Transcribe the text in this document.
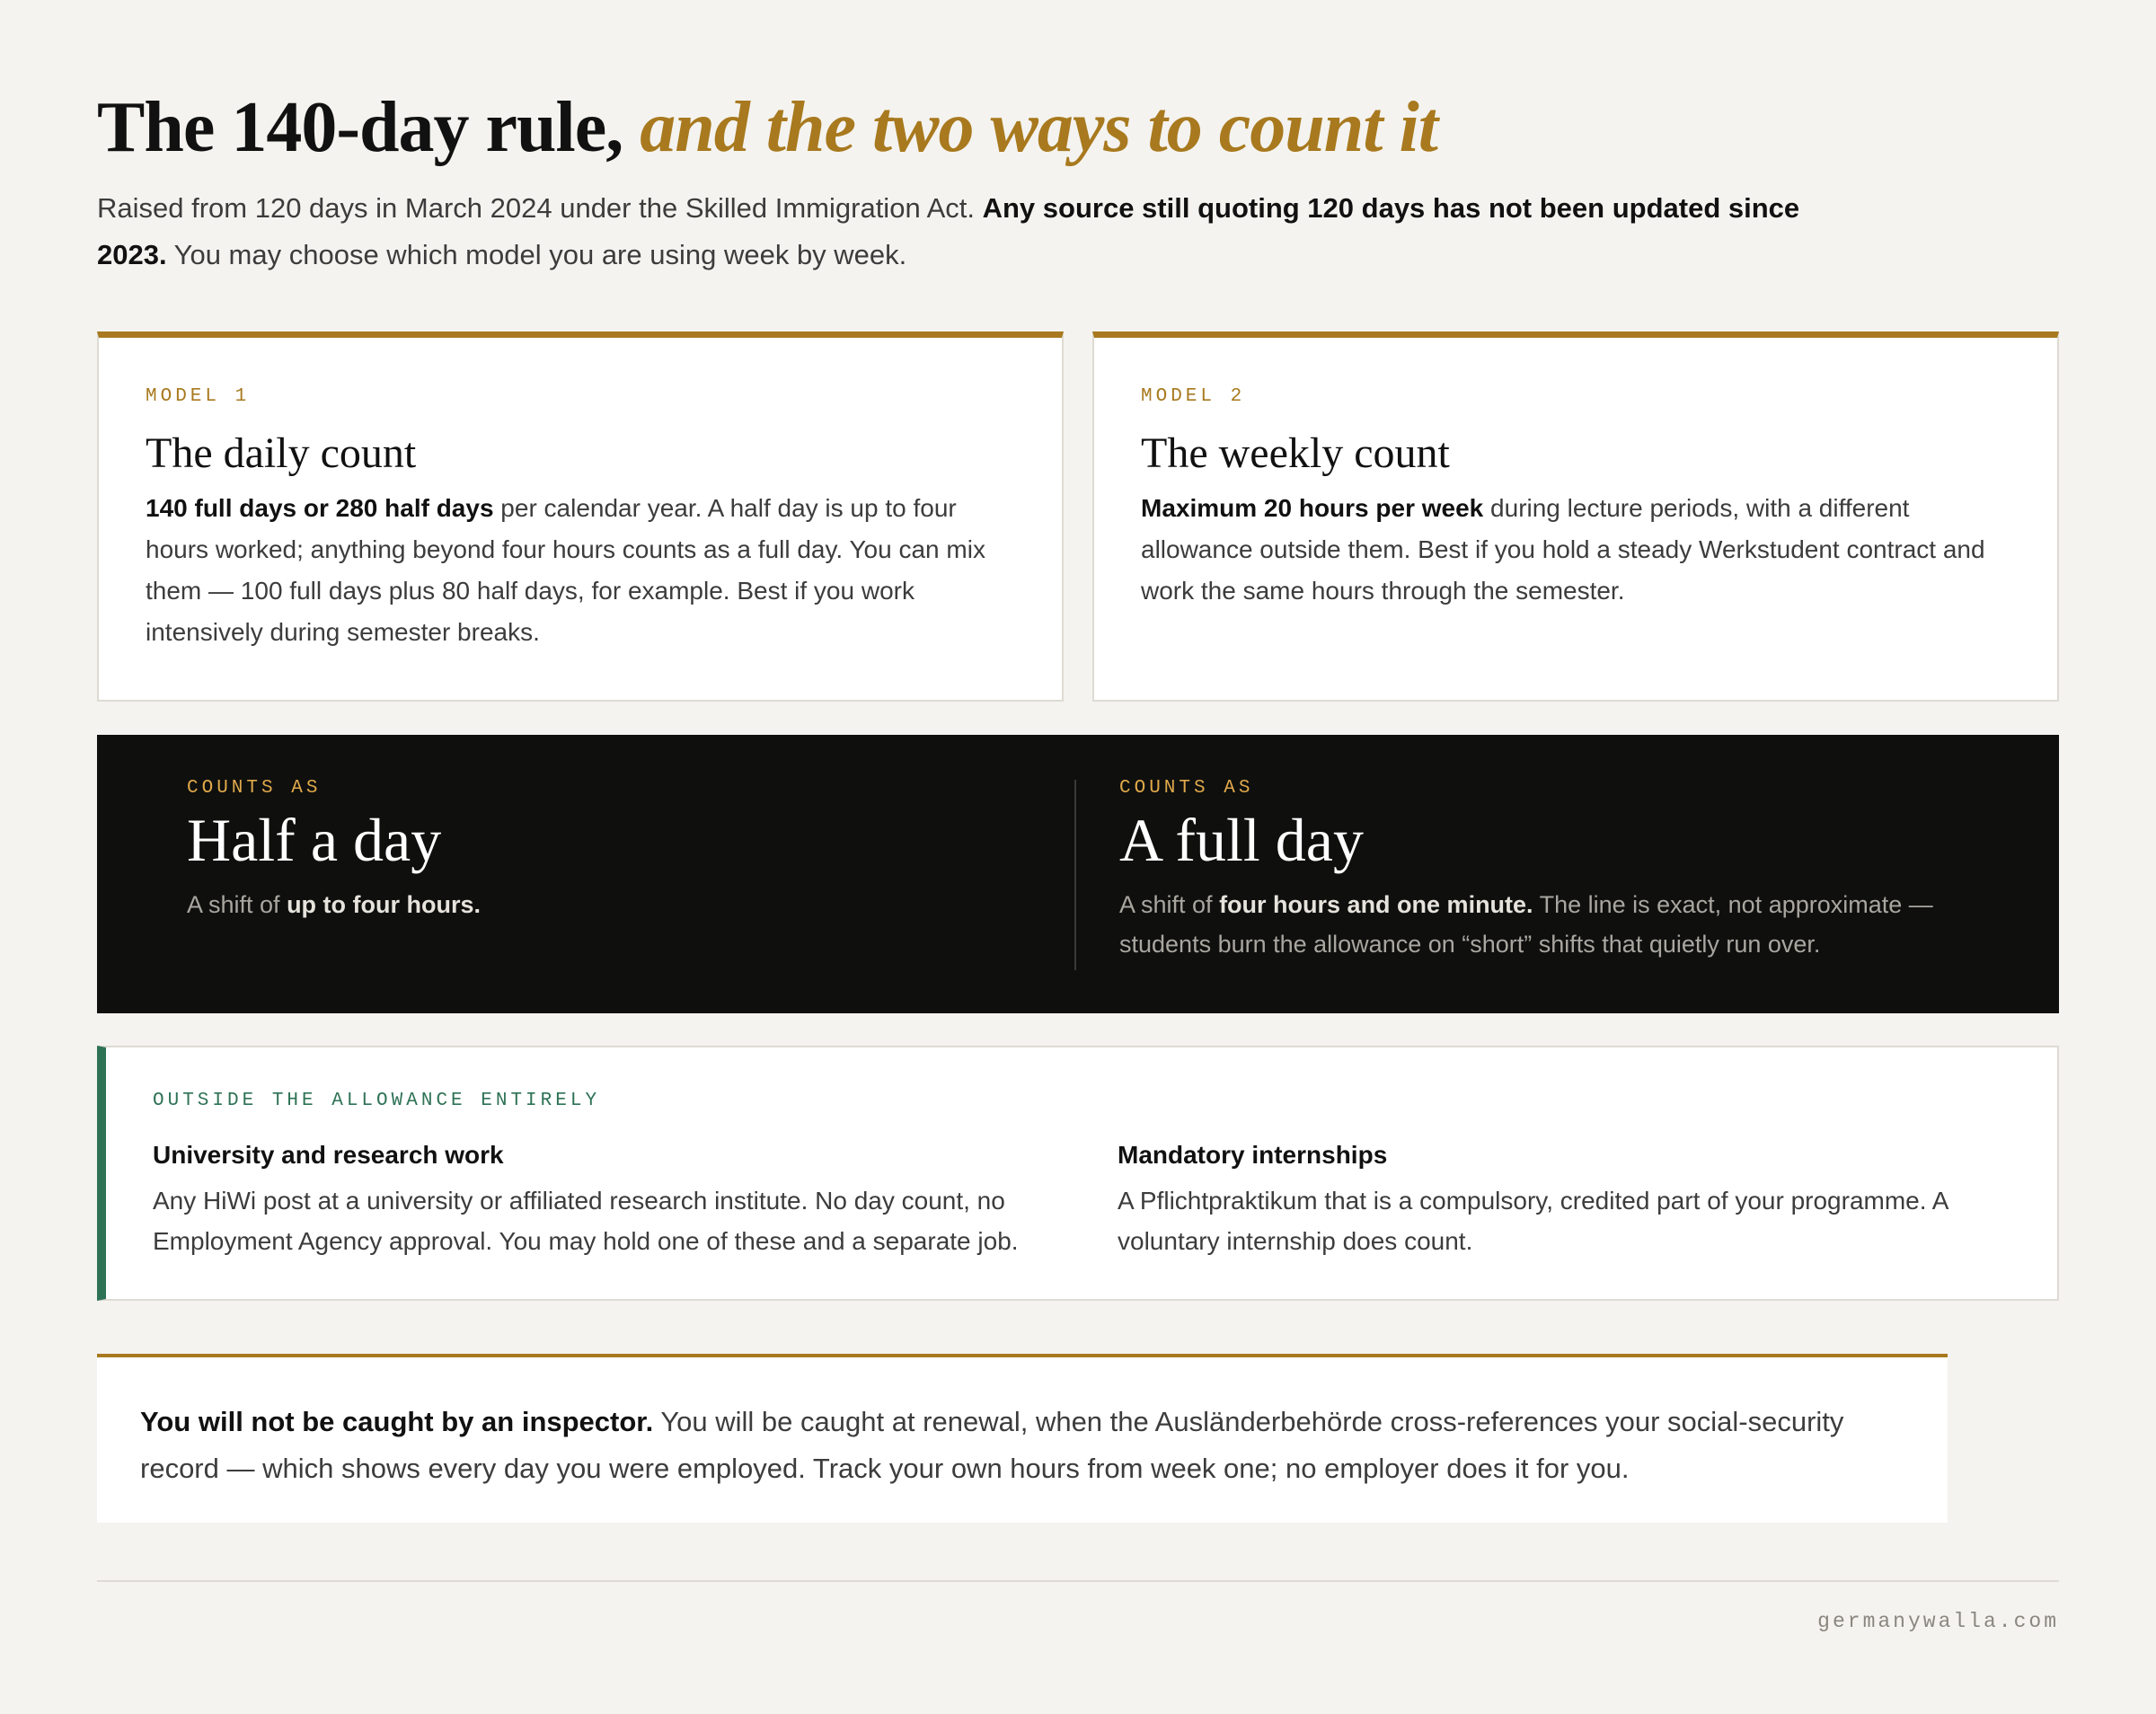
The 140-day rule, and the two ways to count it

Raised from 120 days in March 2024 under the Skilled Immigration Act. Any source still quoting 120 days has not been updated since 2023. You may choose which model you are using week by week.

MODEL 1
The daily count

140 full days or 280 half days per calendar year. A half day is up to four hours worked; anything beyond four hours counts as a full day. You can mix them — 100 full days plus 80 half days, for example. Best if you work intensively during semester breaks.

MODEL 2
The weekly count

Maximum 20 hours per week during lecture periods, with a different allowance outside them. Best if you hold a steady Werkstudent contract and work the same hours through the semester.

COUNTS AS
Half a day

A shift of up to four hours.

COUNTS AS
A full day

A shift of four hours and one minute. The line is exact, not approximate — students burn the allowance on “short” shifts that quietly run over.

OUTSIDE THE ALLOWANCE ENTIRELY
University and research work

Any HiWi post at a university or affiliated research institute. No day count, no Employment Agency approval. You may hold one of these and a separate job.

Mandatory internships

A Pflichtpraktikum that is a compulsory, credited part of your programme. A voluntary internship does count.

You will not be caught by an inspector. You will be caught at renewal, when the Ausländerbehörde cross-references your social-security record — which shows every day you were employed. Track your own hours from week one; no employer does it for you.

germanywalla.com
